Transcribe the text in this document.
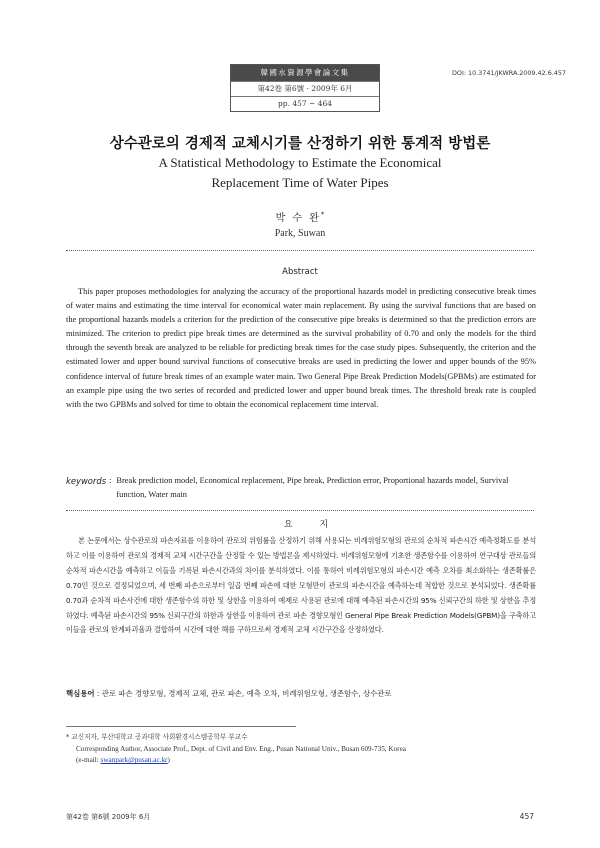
韓國水資源學會論文集
第42卷 第6號 · 2009年 6月
pp. 457 ~ 464
DOI: 10.3741/JKWRA.2009.42.6.457
상수관로의 경제적 교체시기를 산정하기 위한 통계적 방법론
A Statistical Methodology to Estimate the Economical
Replacement Time of Water Pipes
박 수 완*
Park, Suwan
Abstract

This paper proposes methodologies for analyzing the accuracy of the proportional hazards model in predicting consecutive break times of water mains and estimating the time interval for economical water main replacement. By using the survival functions that are based on the proportional hazards models a criterion for the prediction of the consecutive pipe breaks is determined so that the prediction errors are minimized. The criterion to predict pipe break times are determined as the survival probability of 0.70 and only the models for the third through the seventh break are analyzed to be reliable for predicting break times for the case study pipes. Subsequently, the criterion and the estimated lower and upper bound survival functions of consecutive breaks are used in predicting the lower and upper bounds of the 95% confidence interval of future break times of an example water main. Two General Pipe Break Prediction Models(GPBMs) are estimated for an example pipe using the two series of recorded and predicted lower and upper bound break times. The threshold break rate is coupled with the two GPBMs and solved for time to obtain the economical replacement time interval.

keywords : Break prediction model, Economical replacement, Pipe break, Prediction error, Proportional hazards model, Survival function, Water main
요 지

본 논문에서는 상수관로의 파손자료를 이용하여 관로의 위험률을 산정하기 위해 사용되는 비례위험모형의 관로의 순차적 파손시간 예측정확도를 분석하고 이를 이용하여 관로의 경제적 교체 시간구간을 산정할 수 있는 방법론을 제시하였다. 비례위험모형에 기초한 생존함수를 이용하여 연구대상 관로들의 순차적 파손시간을 예측하고 이들을 기록된 파손시간과의 차이를 분석하였다. 이를 통하여 비례위험모형의 파손시간 예측 오차를 최소화하는 생존확률은 0.70인 것으로 결정되었으며, 세 번째 파손으로부터 일곱 번째 파손에 대한 모형만이 관로의 파손시간을 예측하는데 적합한 것으로 분석되었다. 생존확률 0.70과 순차적 파손사건에 대한 생존함수의 하한 및 상한을 이용하여 예제로 사용된 관로에 대해 예측된 파손시간의 95% 신뢰구간의 하한 및 상한을 추정하였다. 예측된 파손시간의 95% 신뢰구간의 하한과 상한을 이용하여 관로 파손 경향모형인 General Pipe Break Prediction Models(GPBM)을 구축하고 이들을 관로의 한계파괴율과 결합하여 시간에 대한 해를 구하므로써 경제적 교체 시간구간을 산정하였다.

핵심용어 : 관로 파손 경향모형, 경제적 교체, 관로 파손, 예측 오차, 비례위험모형, 생존함수, 상수관로
* 교신저자, 부산대학교 공과대학 사회환경시스템공학부 부교수
Corresponding Author, Associate Prof., Dept. of Civil and Env. Eng., Pusan National Univ., Busan 609-735, Korea
(e-mail: swanpark@pusan.ac.kr)
第42卷 第6號 2009年 6月	457
